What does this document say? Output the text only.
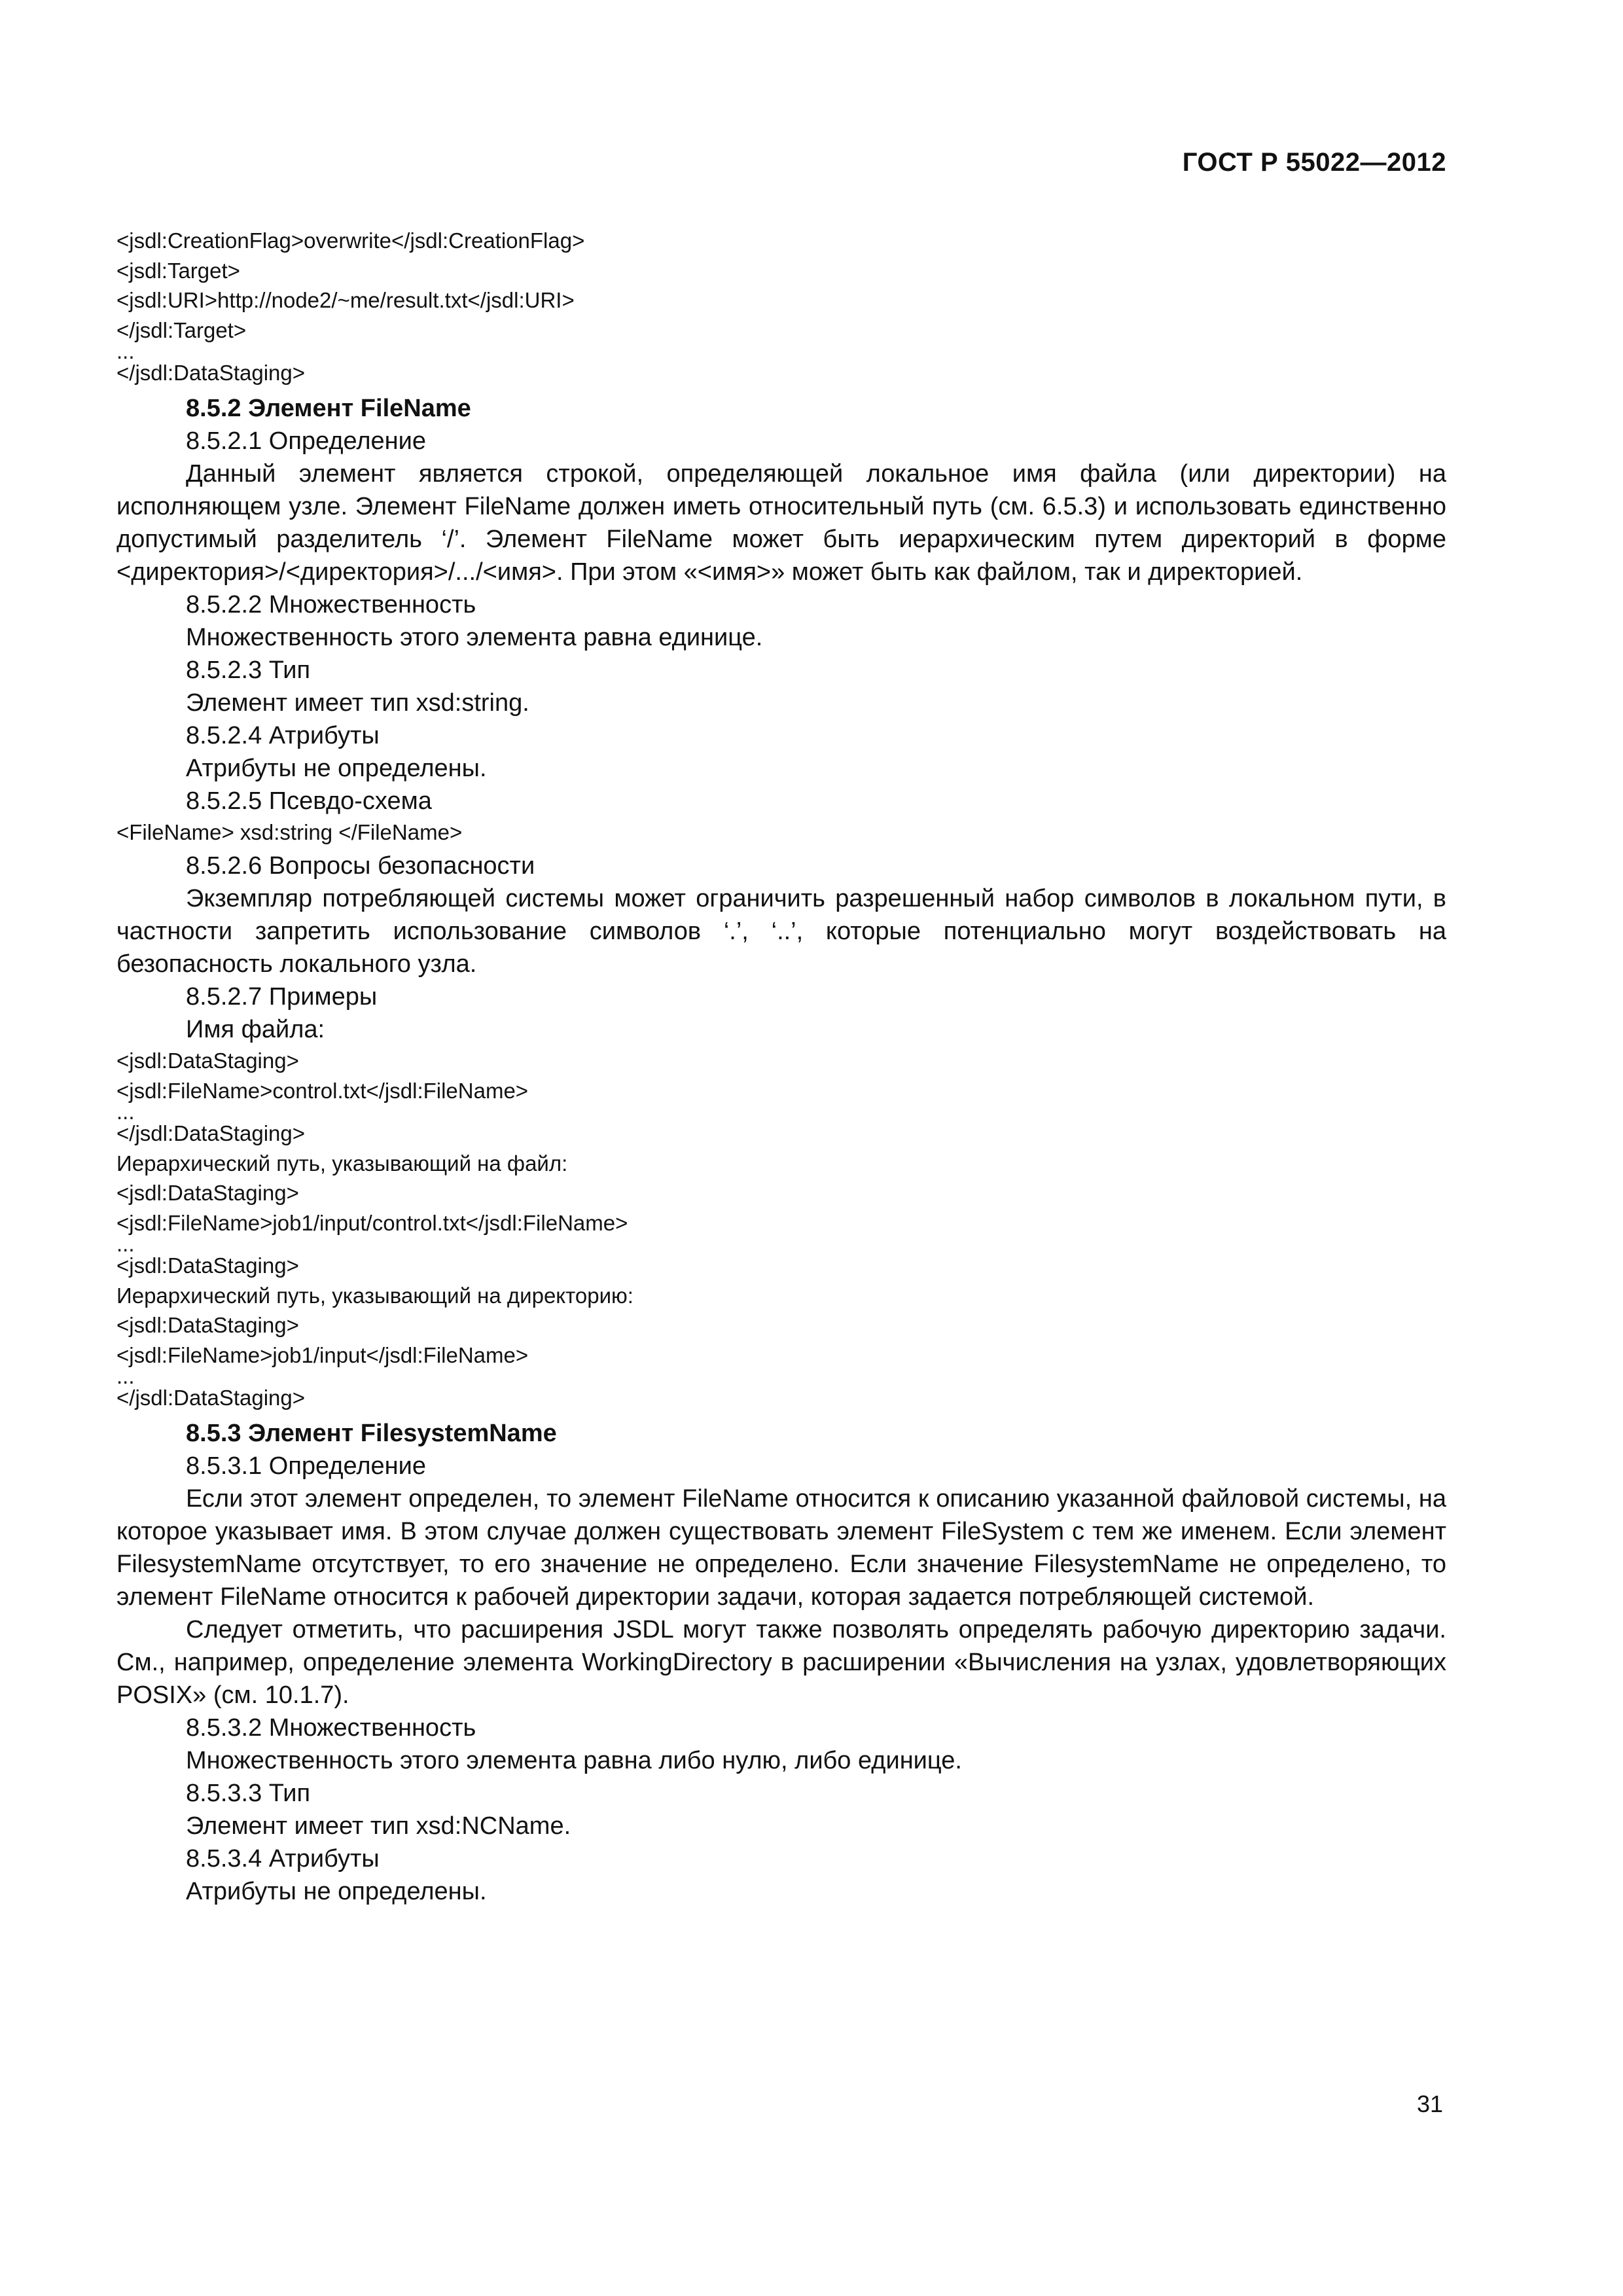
ГОСТ Р 55022—2012
<jsdl:CreationFlag>overwrite</jsdl:CreationFlag>
<jsdl:Target>
<jsdl:URI>http://node2/~me/result.txt</jsdl:URI>
</jsdl:Target>
...
</jsdl:DataStaging>
8.5.2 Элемент FileName
8.5.2.1 Определение
Данный элемент является строкой, определяющей локальное имя файла (или директории) на исполняющем узле. Элемент FileName должен иметь относительный путь (см. 6.5.3) и использовать единственно допустимый разделитель ‘/’. Элемент FileName может быть иерархическим путем директорий в форме <директория>/<директория>/.../<имя>. При этом «<имя>» может быть как файлом, так и директорией.
8.5.2.2 Множественность
Множественность этого элемента равна единице.
8.5.2.3 Тип
Элемент имеет тип xsd:string.
8.5.2.4 Атрибуты
Атрибуты не определены.
8.5.2.5 Псевдо-схема
<FileName> xsd:string </FileName>
8.5.2.6 Вопросы безопасности
Экземпляр потребляющей системы может ограничить разрешенный набор символов в локальном пути, в частности запретить использование символов ‘.’, ‘..’, которые потенциально могут воздействовать на безопасность локального узла.
8.5.2.7 Примеры
Имя файла:
<jsdl:DataStaging>
<jsdl:FileName>control.txt</jsdl:FileName>
...
</jsdl:DataStaging>
Иерархический путь, указывающий на файл:
<jsdl:DataStaging>
<jsdl:FileName>job1/input/control.txt</jsdl:FileName>
...
<jsdl:DataStaging>
Иерархический путь, указывающий на директорию:
<jsdl:DataStaging>
<jsdl:FileName>job1/input</jsdl:FileName>
...
</jsdl:DataStaging>
8.5.3 Элемент FilesystemName
8.5.3.1 Определение
Если этот элемент определен, то элемент FileName относится к описанию указанной файловой системы, на которое указывает имя. В этом случае должен существовать элемент FileSystem с тем же именем. Если элемент FilesystemName отсутствует, то его значение не определено. Если значение FilesystemName не определено, то элемент FileName относится к рабочей директории задачи, которая задается потребляющей системой.
Следует отметить, что расширения JSDL могут также позволять определять рабочую директорию задачи. См., например, определение элемента WorkingDirectory в расширении «Вычисления на узлах, удовлетворяющих POSIX» (см. 10.1.7).
8.5.3.2 Множественность
Множественность этого элемента равна либо нулю, либо единице.
8.5.3.3 Тип
Элемент имеет тип xsd:NCName.
8.5.3.4 Атрибуты
Атрибуты не определены.
31
